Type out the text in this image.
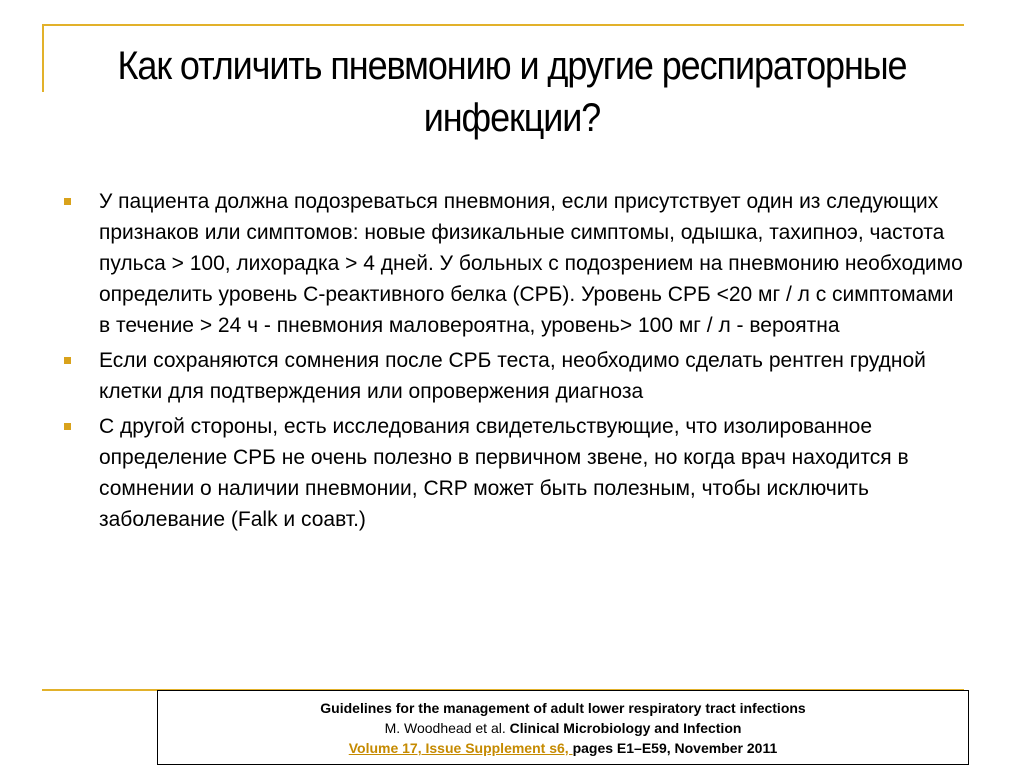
Как отличить пневмонию и другие респираторные
инфекции?
У пациента должна подозреваться пневмония, если присутствует один из следующих признаков или симптомов: новые физикальные симптомы, одышка, тахипноэ, частота пульса > 100, лихорадка > 4 дней. У больных с подозрением на пневмонию необходимо определить уровень С-реактивного белка (СРБ). Уровень СРБ <20 мг / л с симптомами в течение > 24 ч - пневмония маловероятна, уровень> 100 мг / л - вероятна
Если сохраняются сомнения после СРБ теста, необходимо сделать рентген грудной клетки для подтверждения или опровержения диагноза
С другой стороны, есть исследования свидетельствующие, что изолированное определение СРБ не очень полезно в первичном звене, но когда врач находится в сомнении о наличии пневмонии, CRP может быть полезным, чтобы исключить заболевание (Falk и соавт.)
Guidelines for the management of adult lower respiratory tract infections
M. Woodhead et al. Clinical Microbiology and Infection
Volume 17, Issue Supplement s6, pages E1–E59, November 2011
